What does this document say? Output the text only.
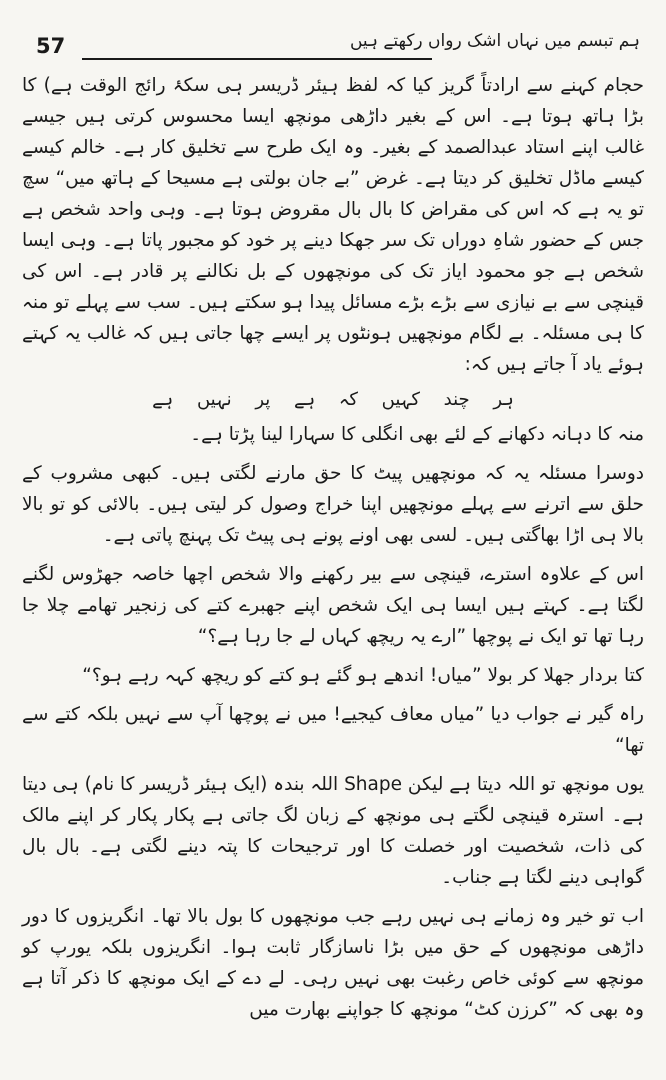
57	ہم تبسم میں نہاں اشک رواں رکھتے ہیں

حجام کہنے سے ارادتاً گریز کیا کہ لفظ ہیئر ڈریسر ہی سکۂ رائج الوقت ہے) کا بڑا ہاتھ ہوتا ہے۔ اس کے بغیر داڑھی مونچھ ایسا محسوس کرتی ہیں جیسے غالب اپنے استاد عبدالصمد کے بغیر۔ وہ ایک طرح سے تخلیق کار ہے۔ خالم کیسے کیسے ماڈل تخلیق کر دیتا ہے۔ غرض ”بے جان بولتی ہے مسیحا کے ہاتھ میں“ سچ تو یہ ہے کہ اس کی مقراض کا بال بال مقروض ہوتا ہے۔ وہی واحد شخص ہے جس کے حضور شاہِ دوراں تک سر جھکا دینے پر خود کو مجبور پاتا ہے۔ وہی ایسا شخص ہے جو محمود ایاز تک کی مونچھوں کے بل نکالنے پر قادر ہے۔ اس کی قینچی سے بے نیازی سے بڑے بڑے مسائل پیدا ہو سکتے ہیں۔ سب سے پہلے تو منہ کا ہی مسئلہ۔ بے لگام مونچھیں ہونٹوں پر ایسے چھا جاتی ہیں کہ غالب یہ کہتے ہوئے یاد آ جاتے ہیں کہ:

ہر چند کہیں کہ ہے پر نہیں ہے

منہ کا دہانہ دکھانے کے لئے بھی انگلی کا سہارا لینا پڑتا ہے۔

دوسرا مسئلہ یہ کہ مونچھیں پیٹ کا حق مارنے لگتی ہیں۔ کبھی مشروب کے حلق سے اترنے سے پہلے مونچھیں اپنا خراج وصول کر لیتی ہیں۔ بالائی کو تو بالا بالا ہی اڑا بھاگتی ہیں۔ لسی بھی اونے پونے ہی پیٹ تک پہنچ پاتی ہے۔

اس کے علاوہ استرے، قینچی سے بیر رکھنے والا شخص اچھا خاصہ جھڑوس لگنے لگتا ہے۔ کہتے ہیں ایسا ہی ایک شخص اپنے جھبرے کتے کی زنجیر تھامے چلا جا رہا تھا تو ایک نے پوچھا ”ارے یہ ریچھ کہاں لے جا رہا ہے؟“

کتا بردار جھلا کر بولا ”میاں! اندھے ہو گئے ہو کتے کو ریچھ کہہ رہے ہو؟“

راہ گیر نے جواب دیا ”میاں معاف کیجیے! میں نے پوچھا آپ سے نہیں بلکہ کتے سے تھا“

یوں مونچھ تو اللہ دیتا ہے لیکن Shape اللہ بندہ (ایک ہیئر ڈریسر کا نام) ہی دیتا ہے۔ استرہ قینچی لگتے ہی مونچھ کے زبان لگ جاتی ہے پکار پکار کر اپنے مالک کی ذات، شخصیت اور خصلت کا اور ترجیحات کا پتہ دینے لگتی ہے۔ بال بال گواہی دینے لگتا ہے جناب۔

اب تو خیر وہ زمانے ہی نہیں رہے جب مونچھوں کا بول بالا تھا۔ انگریزوں کا دور داڑھی مونچھوں کے حق میں بڑا ناسازگار ثابت ہوا۔ انگریزوں بلکہ یورپ کو مونچھ سے کوئی خاص رغبت بھی نہیں رہی۔ لے دے کے ایک مونچھ کا ذکر آتا ہے وہ بھی کہ ”کرزن کٹ“ مونچھ کا جواپنے بھارت میں
